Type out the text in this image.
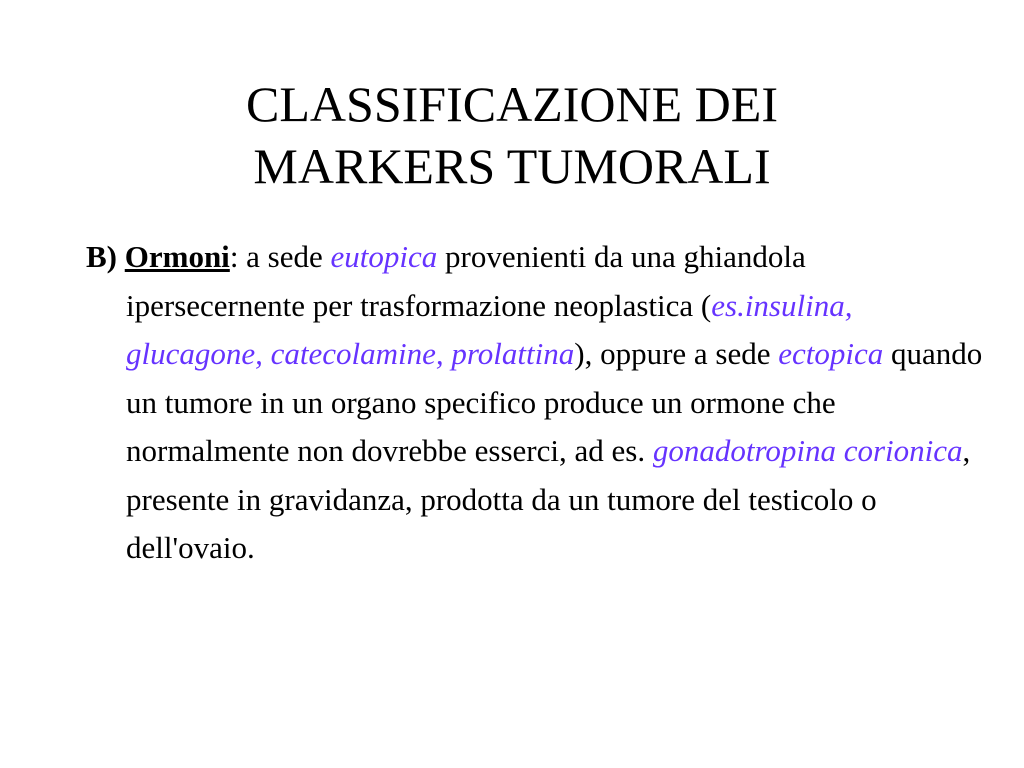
CLASSIFICAZIONE DEI
MARKERS TUMORALI

B) Ormoni: a sede eutopica provenienti da una ghiandola ipersecernente per trasformazione neoplastica (es.insulina, glucagone, catecolamine, prolattina), oppure a sede ectopica quando un tumore in un organo specifico produce un ormone che normalmente non dovrebbe esserci, ad es. gonadotropina corionica, presente in gravidanza, prodotta da un tumore del testicolo o dell'ovaio.
